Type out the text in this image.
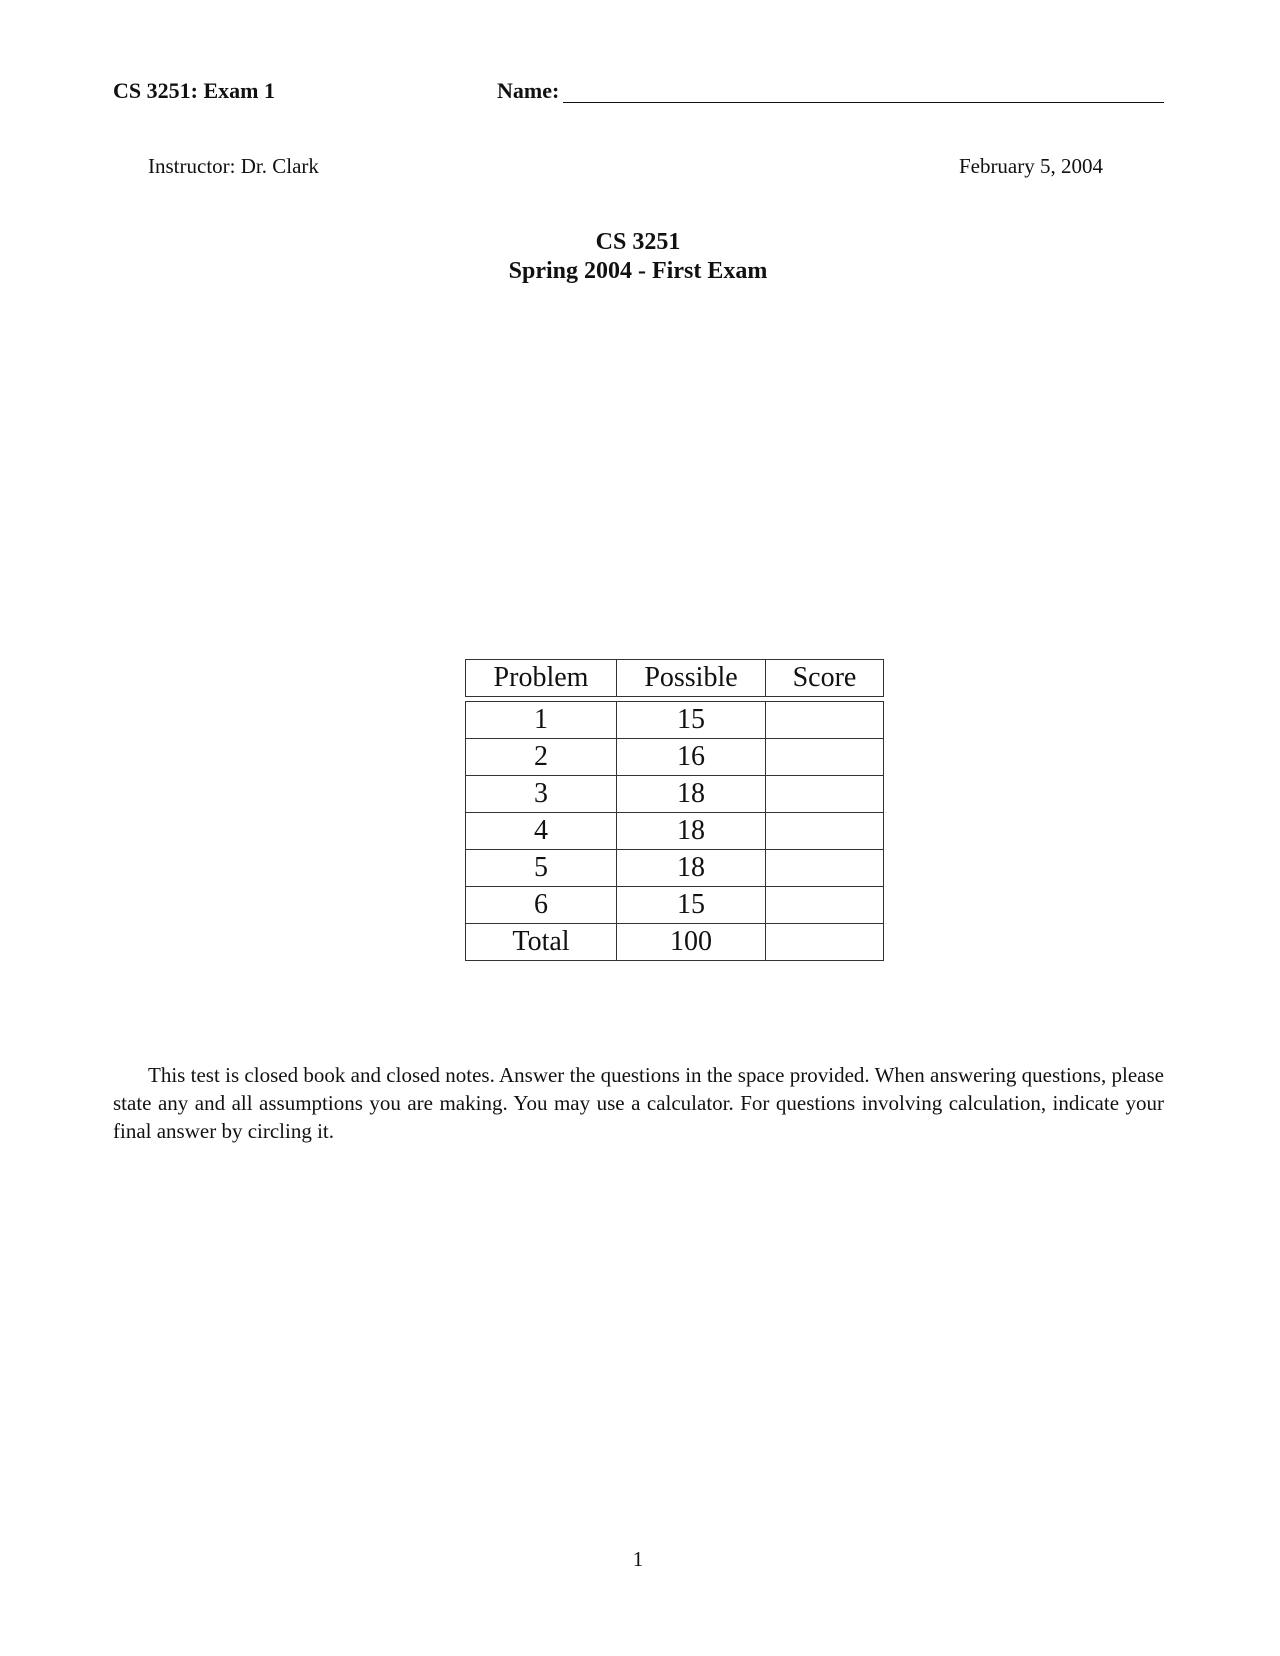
CS 3251: Exam 1	Name:
Instructor: Dr. Clark	February 5, 2004
CS 3251
Spring 2004 - First Exam
Problem	Possible	Score

1	15	
2	16	
3	18	
4	18	
5	18	
6	15	
Total	100	

This test is closed book and closed notes. Answer the questions in the space provided. When answering questions, please state any and all assumptions you are making. You may use a calculator. For questions involving calculation, indicate your final answer by circling it.

1
